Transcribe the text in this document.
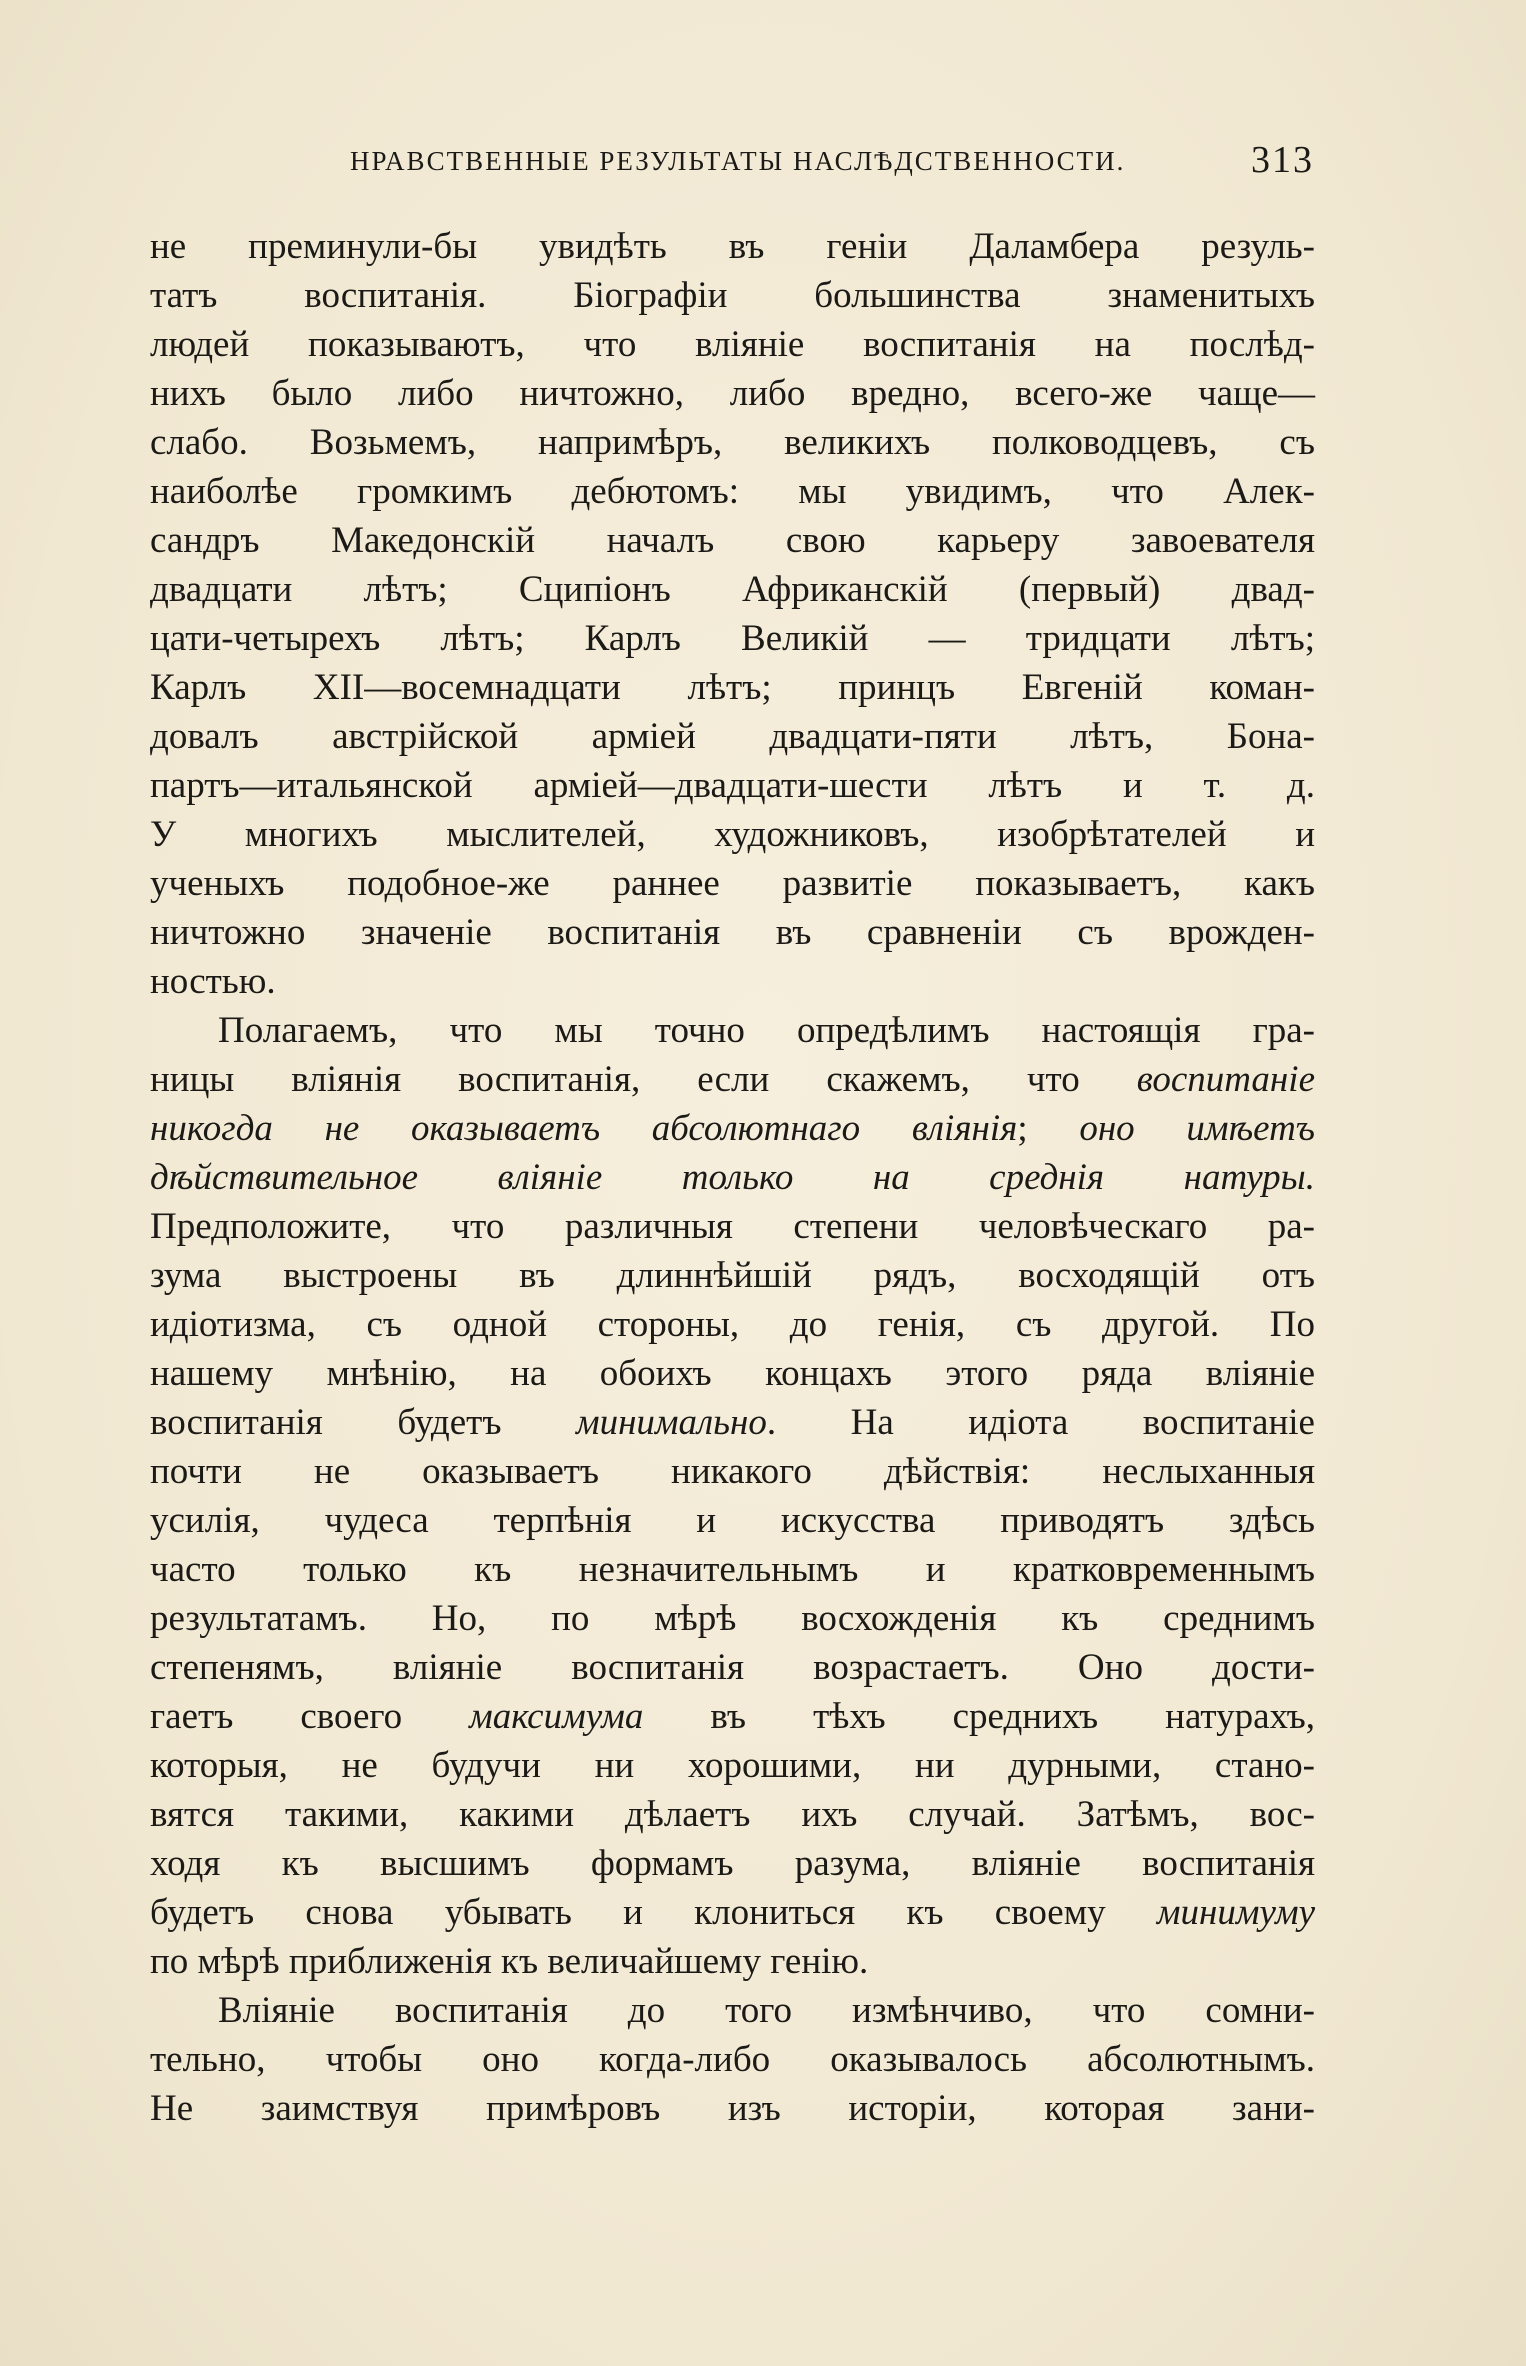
НРАВСТВЕННЫЕ РЕЗУЛЬТАТЫ НАСЛѢДСТВЕННОСТИ.	313
не преминули-бы увидѣть въ геніи Даламбера резуль-
татъ воспитанія. Біографіи большинства знаменитыхъ
людей показываютъ, что вліяніе воспитанія на послѣд-
нихъ было либо ничтожно, либо вредно, всего-же чаще—
слабо. Возьмемъ, напримѣръ, великихъ полководцевъ, съ
наиболѣе громкимъ дебютомъ: мы увидимъ, что Алек-
сандръ Македонскій началъ свою карьеру завоевателя
двадцати лѣтъ; Сципіонъ Африканскій (первый) двад-
цати-четырехъ лѣтъ; Карлъ Великій — тридцати лѣтъ;
Карлъ XII—восемнадцати лѣтъ; принцъ Евгеній коман-
довалъ австрійской арміей двадцати-пяти лѣтъ, Бона-
партъ—итальянской арміей—двадцати-шести лѣтъ и т. д.
У многихъ мыслителей, художниковъ, изобрѣтателей и
ученыхъ подобное-же раннее развитіе показываетъ, какъ
ничтожно значеніе воспитанія въ сравненіи съ врожден-
ностью.
Полагаемъ, что мы точно опредѣлимъ настоящія гра-
ницы вліянія воспитанія, если скажемъ, что воспитаніе
никогда не оказываетъ абсолютнаго вліянія; оно имѣетъ
дѣйствительное вліяніе только на среднія натуры.
Предположите, что различныя степени человѣческаго ра-
зума выстроены въ длиннѣйшій рядъ, восходящій отъ
идіотизма, съ одной стороны, до генія, съ другой. По
нашему мнѣнію, на обоихъ концахъ этого ряда вліяніе
воспитанія будетъ минимально. На идіота воспитаніе
почти не оказываетъ никакого дѣйствія: неслыханныя
усилія, чудеса терпѣнія и искусства приводятъ здѣсь
часто только къ незначительнымъ и кратковременнымъ
результатамъ. Но, по мѣрѣ восхожденія къ среднимъ
степенямъ, вліяніе воспитанія возрастаетъ. Оно дости-
гаетъ своего максимума въ тѣхъ среднихъ натурахъ,
которыя, не будучи ни хорошими, ни дурными, стано-
вятся такими, какими дѣлаетъ ихъ случай. Затѣмъ, вос-
ходя къ высшимъ формамъ разума, вліяніе воспитанія
будетъ снова убывать и клониться къ своему минимуму
по мѣрѣ приближенія къ величайшему генію.
Вліяніе воспитанія до того измѣнчиво, что сомни-
тельно, чтобы оно когда-либо оказывалось абсолютнымъ.
Не заимствуя примѣровъ изъ исторіи, которая зани-
